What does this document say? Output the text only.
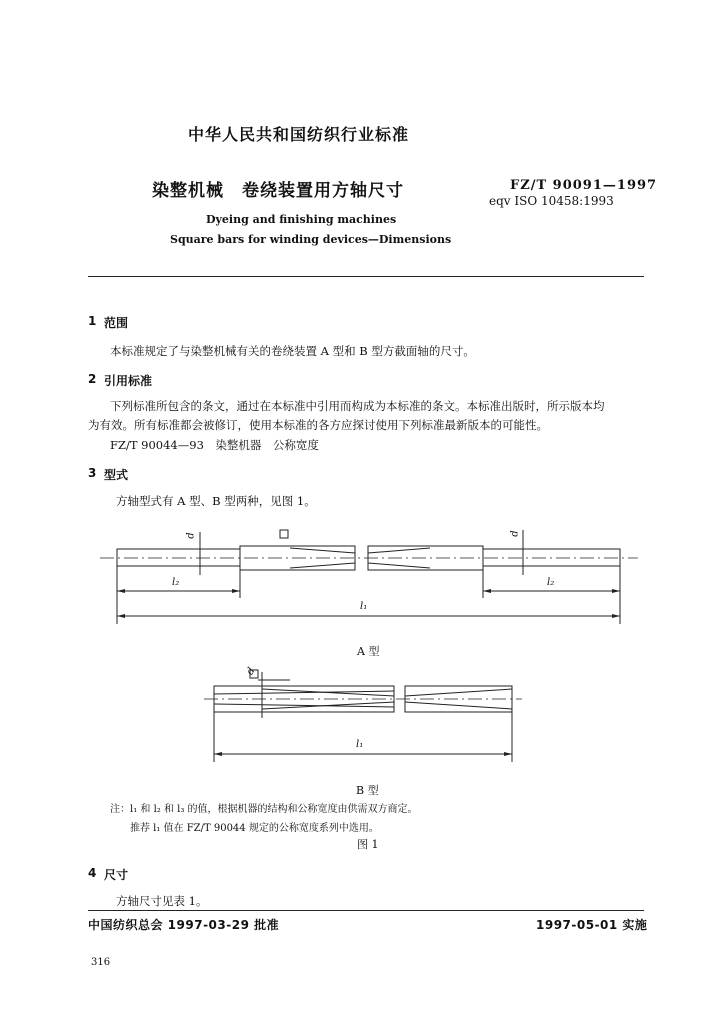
中华人民共和国纺织行业标准
染整机械　卷绕装置用方轴尺寸
Dyeing and finishing machines
Square bars for winding devices—Dimensions
FZ/T 90091—1997
eqv ISO 10458:1993
1 范围
本标准规定了与染整机械有关的卷绕装置 A 型和 B 型方截面轴的尺寸。
2 引用标准
下列标准所包含的条文，通过在本标准中引用而构成为本标准的条文。本标准出版时，所示版本均
为有效。所有标准都会被修订，使用本标准的各方应探讨使用下列标准最新版本的可能性。
FZ/T 90044—93　染整机器　公称宽度
3 型式
方轴型式有 A 型、B 型两种，见图 1。
d	d
l₂	l₂
l₁
A 型
d
l₁
B 型
注：l₁ 和 l₂ 和 l₃ 的值，根据机器的结构和公称宽度由供需双方商定。
推荐 l₁ 值在 FZ/T 90044 规定的公称宽度系列中选用。
图 1
4 尺寸
方轴尺寸见表 1。
中国纺织总会 1997-03-29 批准	1997-05-01 实施
316
